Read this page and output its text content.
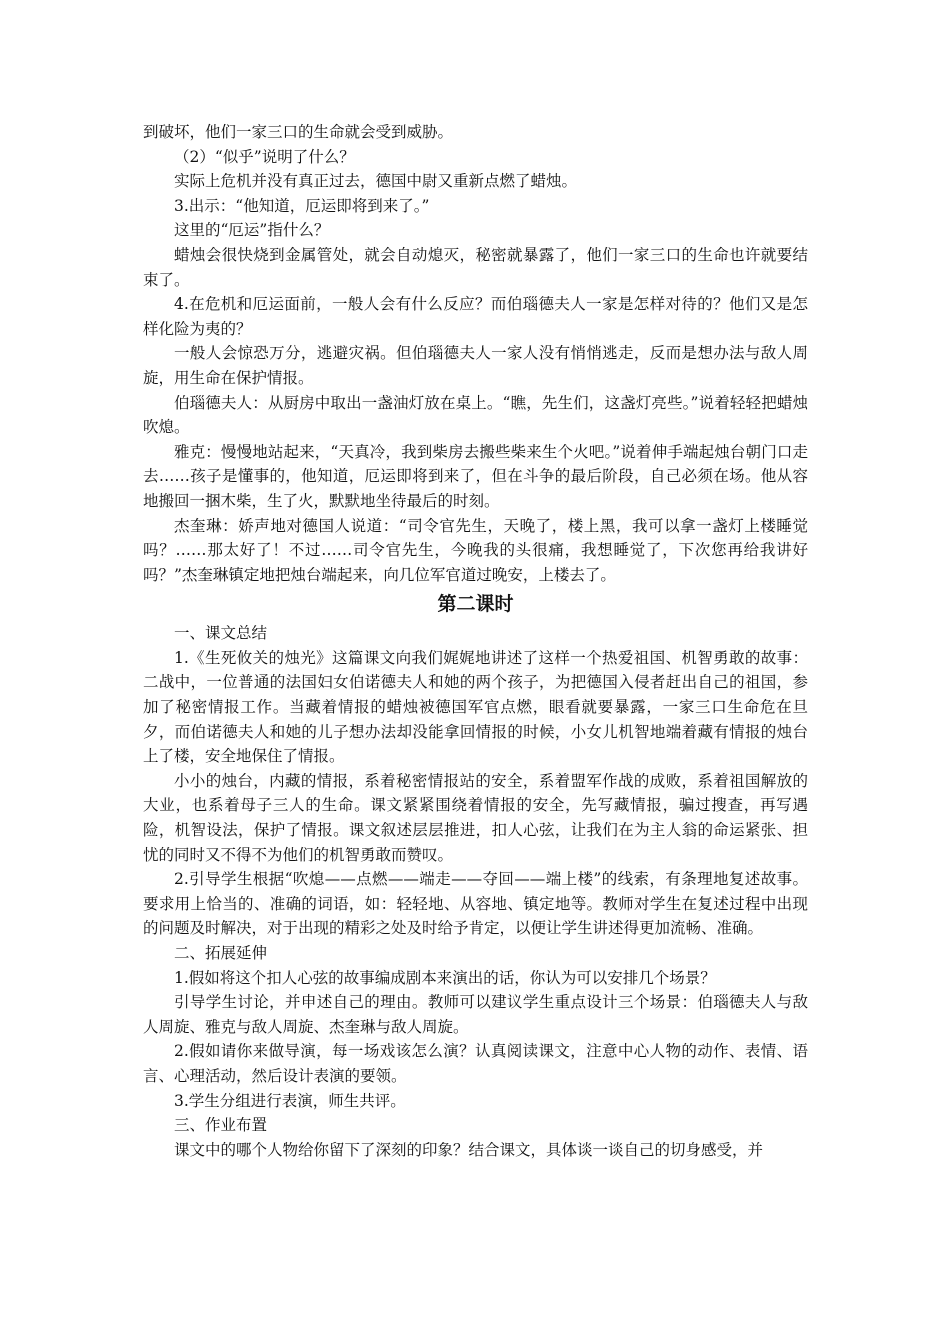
到破坏，他们一家三口的生命就会受到威胁。

（2）“似乎”说明了什么？

实际上危机并没有真正过去，德国中尉又重新点燃了蜡烛。

3.出示：“他知道，厄运即将到来了。”

这里的“厄运”指什么？

蜡烛会很快烧到金属管处，就会自动熄灭，秘密就暴露了，他们一家三口的生命也许就要结束了。

4.在危机和厄运面前，一般人会有什么反应？而伯瑙德夫人一家是怎样对待的？他们又是怎样化险为夷的？

一般人会惊恐万分，逃避灾祸。但伯瑙德夫人一家人没有悄悄逃走，反而是想办法与敌人周旋，用生命在保护情报。

伯瑙德夫人：从厨房中取出一盏油灯放在桌上。“瞧，先生们，这盏灯亮些。”说着轻轻把蜡烛吹熄。

雅克：慢慢地站起来，“天真冷，我到柴房去搬些柴来生个火吧。”说着伸手端起烛台朝门口走去……孩子是懂事的，他知道，厄运即将到来了，但在斗争的最后阶段，自己必须在场。他从容地搬回一捆木柴，生了火，默默地坐待最后的时刻。

杰奎琳：娇声地对德国人说道：“司令官先生，天晚了，楼上黑，我可以拿一盏灯上楼睡觉吗？……那太好了！不过……司令官先生，今晚我的头很痛，我想睡觉了，下次您再给我讲好吗？”杰奎琳镇定地把烛台端起来，向几位军官道过晚安，上楼去了。

第二课时

一、课文总结

1.《生死攸关的烛光》这篇课文向我们娓娓地讲述了这样一个热爱祖国、机智勇敢的故事：二战中，一位普通的法国妇女伯诺德夫人和她的两个孩子，为把德国入侵者赶出自己的祖国，参加了秘密情报工作。当藏着情报的蜡烛被德国军官点燃，眼看就要暴露，一家三口生命危在旦夕，而伯诺德夫人和她的儿子想办法却没能拿回情报的时候，小女儿机智地端着藏有情报的烛台上了楼，安全地保住了情报。

小小的烛台，内藏的情报，系着秘密情报站的安全，系着盟军作战的成败，系着祖国解放的大业，也系着母子三人的生命。课文紧紧围绕着情报的安全，先写藏情报，骗过搜查，再写遇险，机智设法，保护了情报。课文叙述层层推进，扣人心弦，让我们在为主人翁的命运紧张、担忧的同时又不得不为他们的机智勇敢而赞叹。

2.引导学生根据“吹熄——点燃——端走——夺回——端上楼”的线索，有条理地复述故事。要求用上恰当的、准确的词语，如：轻轻地、从容地、镇定地等。教师对学生在复述过程中出现的问题及时解决，对于出现的精彩之处及时给予肯定，以便让学生讲述得更加流畅、准确。

二、拓展延伸

1.假如将这个扣人心弦的故事编成剧本来演出的话，你认为可以安排几个场景？

引导学生讨论，并申述自己的理由。教师可以建议学生重点设计三个场景：伯瑙德夫人与敌人周旋、雅克与敌人周旋、杰奎琳与敌人周旋。

2.假如请你来做导演，每一场戏该怎么演？认真阅读课文，注意中心人物的动作、表情、语言、心理活动，然后设计表演的要领。

3.学生分组进行表演，师生共评。

三、作业布置

课文中的哪个人物给你留下了深刻的印象？结合课文，具体谈一谈自己的切身感受，并
